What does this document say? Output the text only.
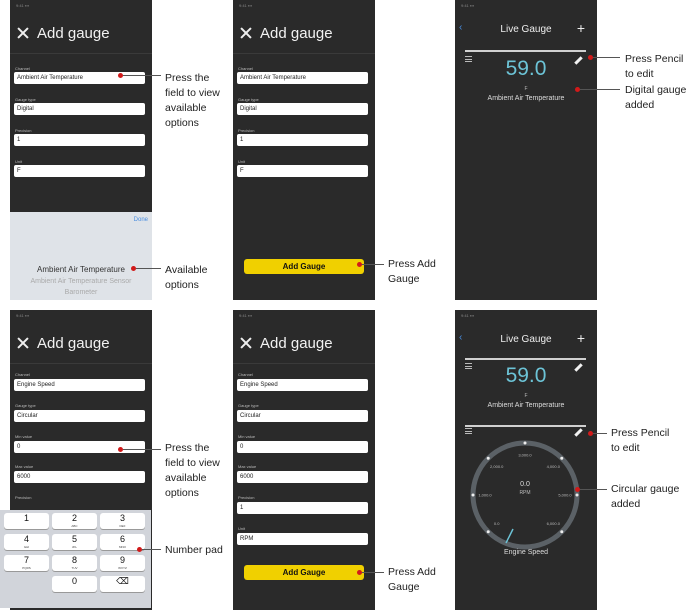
9:41 ▪▪▪
Add gauge
Channel
Ambient Air Temperature
Gauge type
Digital
Precision
1
Unit
F
Done
Ambient Air Temperature
Ambient Air Temperature Sensor
Barometer
9:41 ▪▪▪
Add gauge
Channel
Ambient Air Temperature
Gauge type
Digital
Precision
1
Unit
F
Add Gauge
9:41 ▪▪▪
‹	Live Gauge	+
59.0
F
Ambient Air Temperature
9:41 ▪▪▪
Add gauge
Channel
Engine Speed
Gauge type
Circular
Min value
0
Max value
6000
Precision
1	2
ABC
3
DEF
4
GHI
5
JKL
6
MNO
7
PQRS
8
TUV
9
WXYZ
0	⌫
9:41 ▪▪▪
Add gauge
Channel
Engine Speed
Gauge type
Circular
Min value
0
Max value
6000
Precision
1
Unit
RPM
Add Gauge
9:41 ▪▪▪
‹	Live Gauge	+
59.0
F
Ambient Air Temperature
0.0
1,000.0
2,000.0
3,000.0
4,000.0
5,000.0
6,000.0
0.0
RPM
Engine Speed
Press the
field to view
available
options
Available
options
Press Add
Gauge
Press Pencil
to edit
Digital gauge
added
Press the
field to view
available
options
Number pad
Press Add
Gauge
Press Pencil
to edit
Circular gauge
added
